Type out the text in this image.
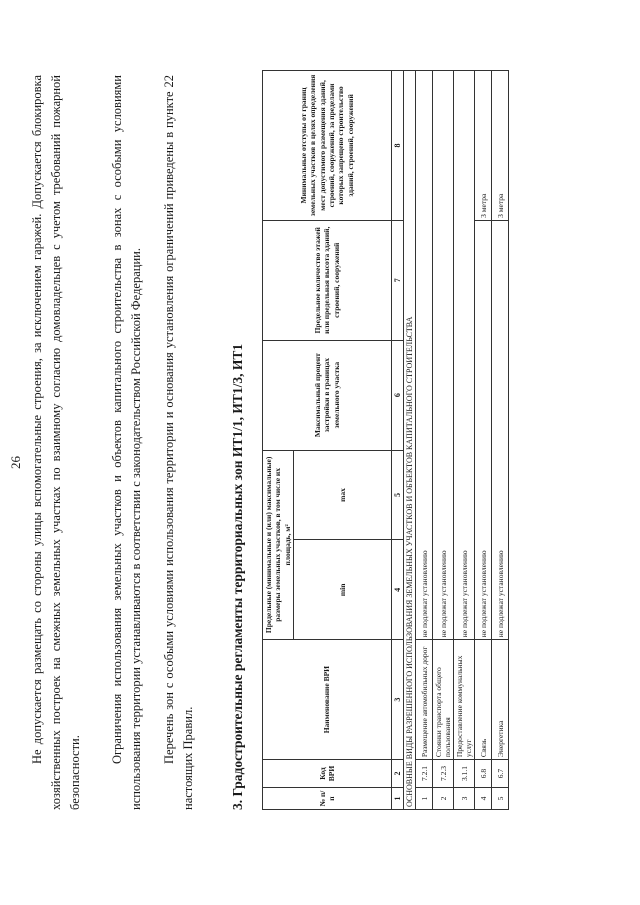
26 Не допускается размещать со стороны улицы вспомогательные строения, за исключением гаражей. Допускается блокировка хозяйственных построек на смежных земельных участках по взаимному согласию домовладельцев с учетом требований пожарной безопасности.

Ограничения использования земельных участков и объектов капитального строительства в зонах с особыми условиями использования территории устанавливаются в соответствии с законодательством Российской Федерации. Перечень зон с особыми условиями использования территории и основания установления ограничений приведены в пункте 22 настоящих Правил.	3. Градостроительные регламенты территориальных зон ИТ1/1, ИТ1/3, ИТ1	№ п/п	Код ВРИ	Наименование ВРИ	Предельные (минимальные и (или) максимальные) размеры земельных участков, в том числе их площадь, м²		Максимальный процент застройки в границах земельного участка	Предельное количество этажей или предельная высота зданий, строений, сооружений	Минимальные отступы от границ земельных участков в целях определения мест допустимого размещения зданий, строений, сооружений, за пределами которых запрещено строительство зданий, строений, сооружений
			min	max			
1	2	3	4	5	6	7	8
ОСНОВНЫЕ ВИДЫ РАЗРЕШЕННОГО ИСПОЛЬЗОВАНИЯ ЗЕМЕЛЬНЫХ УЧАСТКОВ И ОБЪЕКТОВ КАПИТАЛЬНОГО СТРОИТЕЛЬСТВА							
1	7.2.1	Размещение автомобильных дорог	не подлежат установлению				
2	7.2.3	Стоянки транспорта общего пользования	не подлежат установлению				
3	3.1.1	Предоставление коммунальных услуг	не подлежат установлению				
4	6.8	Связь	не подлежат установлению				3 метра
5	6.7	Энергетика	не подлежат установлению				3 метра
